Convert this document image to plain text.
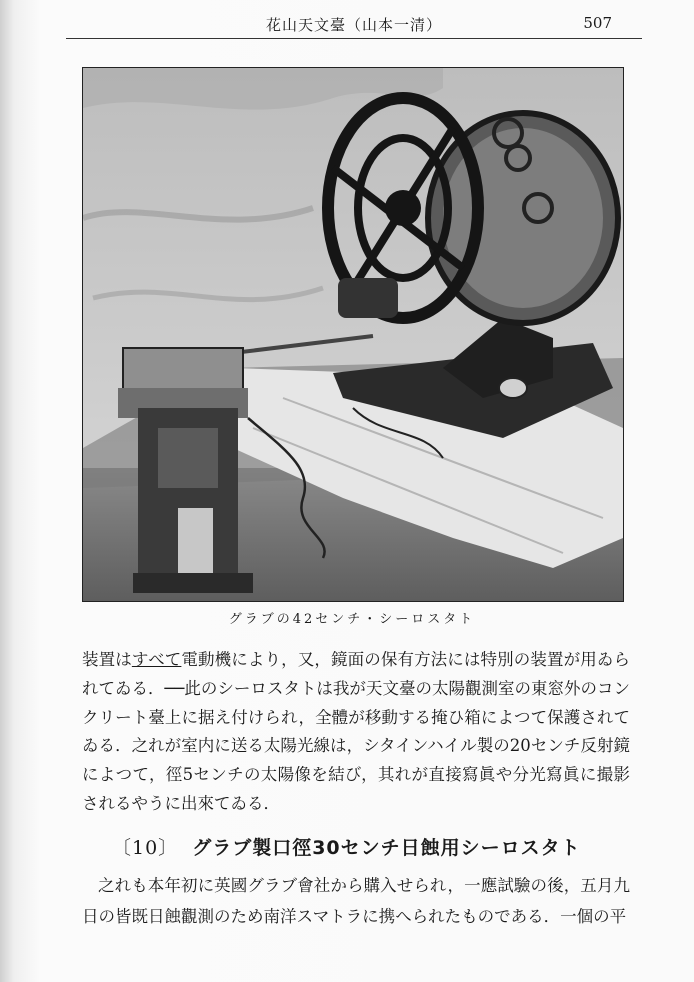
花山天文臺（山本一清）	507
グラブの42センチ・シーロスタト

装置はすべて電動機により，又，鏡面の保有方法には特別の装置が用ゐられてゐる．──此のシーロスタトは我が天文臺の太陽觀測室の東窓外のコンクリート臺上に据え付けられ，全體が移動する掩ひ箱によつて保護されてゐる．之れが室内に送る太陽光線は，シタインハイル製の20センチ反射鏡によつて，徑5センチの太陽像を結び，其れが直接寫眞や分光寫眞に撮影されるやうに出來てゐる．

〔10〕 グラブ製口徑30センチ日蝕用シーロスタト

之れも本年初に英國グラブ會社から購入せられ，一應試驗の後，五月九日の皆既日蝕觀測のため南洋スマトラに携へられたものである．一個の平
